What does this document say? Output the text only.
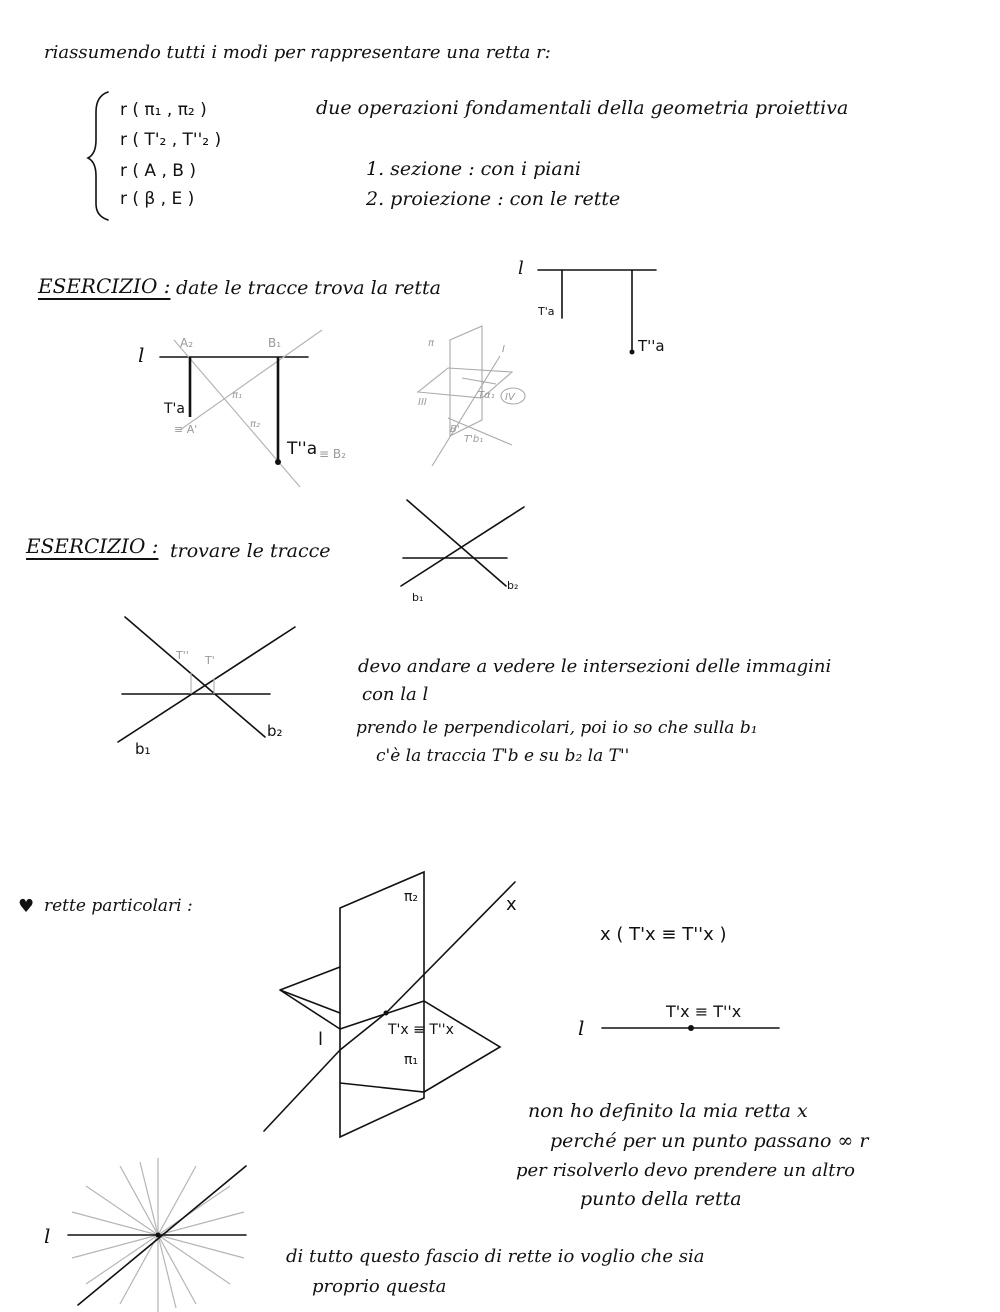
π₁
π₂
π
I
III	IV
Tα₁
T'b₁
B'
riassumendo tutti i modi per rappresentare una retta r:
r ( π₁ , π₂ )
r ( T'₂ , T''₂ )
r ( A , B )
r ( β , E )
due operazioni fondamentali della geometria proiettiva
1. sezione : con i piani
2. proiezione : con le rette
ESERCIZIO : date le tracce trova la retta
l	A₂	B₁
T'a
≡ A'
T''a ≡ B₂
l
T'a
T''a
ESERCIZIO : trovare le tracce
b₁
b₂
T'' T'
b₁
b₂
devo andare a vedere le intersezioni delle immagini
con la l
prendo le perpendicolari, poi io so che sulla b₁
c'è la traccia T'b e su b₂ la T''
♥ rette particolari :	π₂	x
l	T'x ≡ T''x
π₁
x ( T'x ≡ T''x )
l
T'x ≡ T''x
non ho definito la mia retta x
perché per un punto passano ∞ r
per risolverlo devo prendere un altro
punto della retta
l
di tutto questo fascio di rette io voglio che sia
proprio questa
